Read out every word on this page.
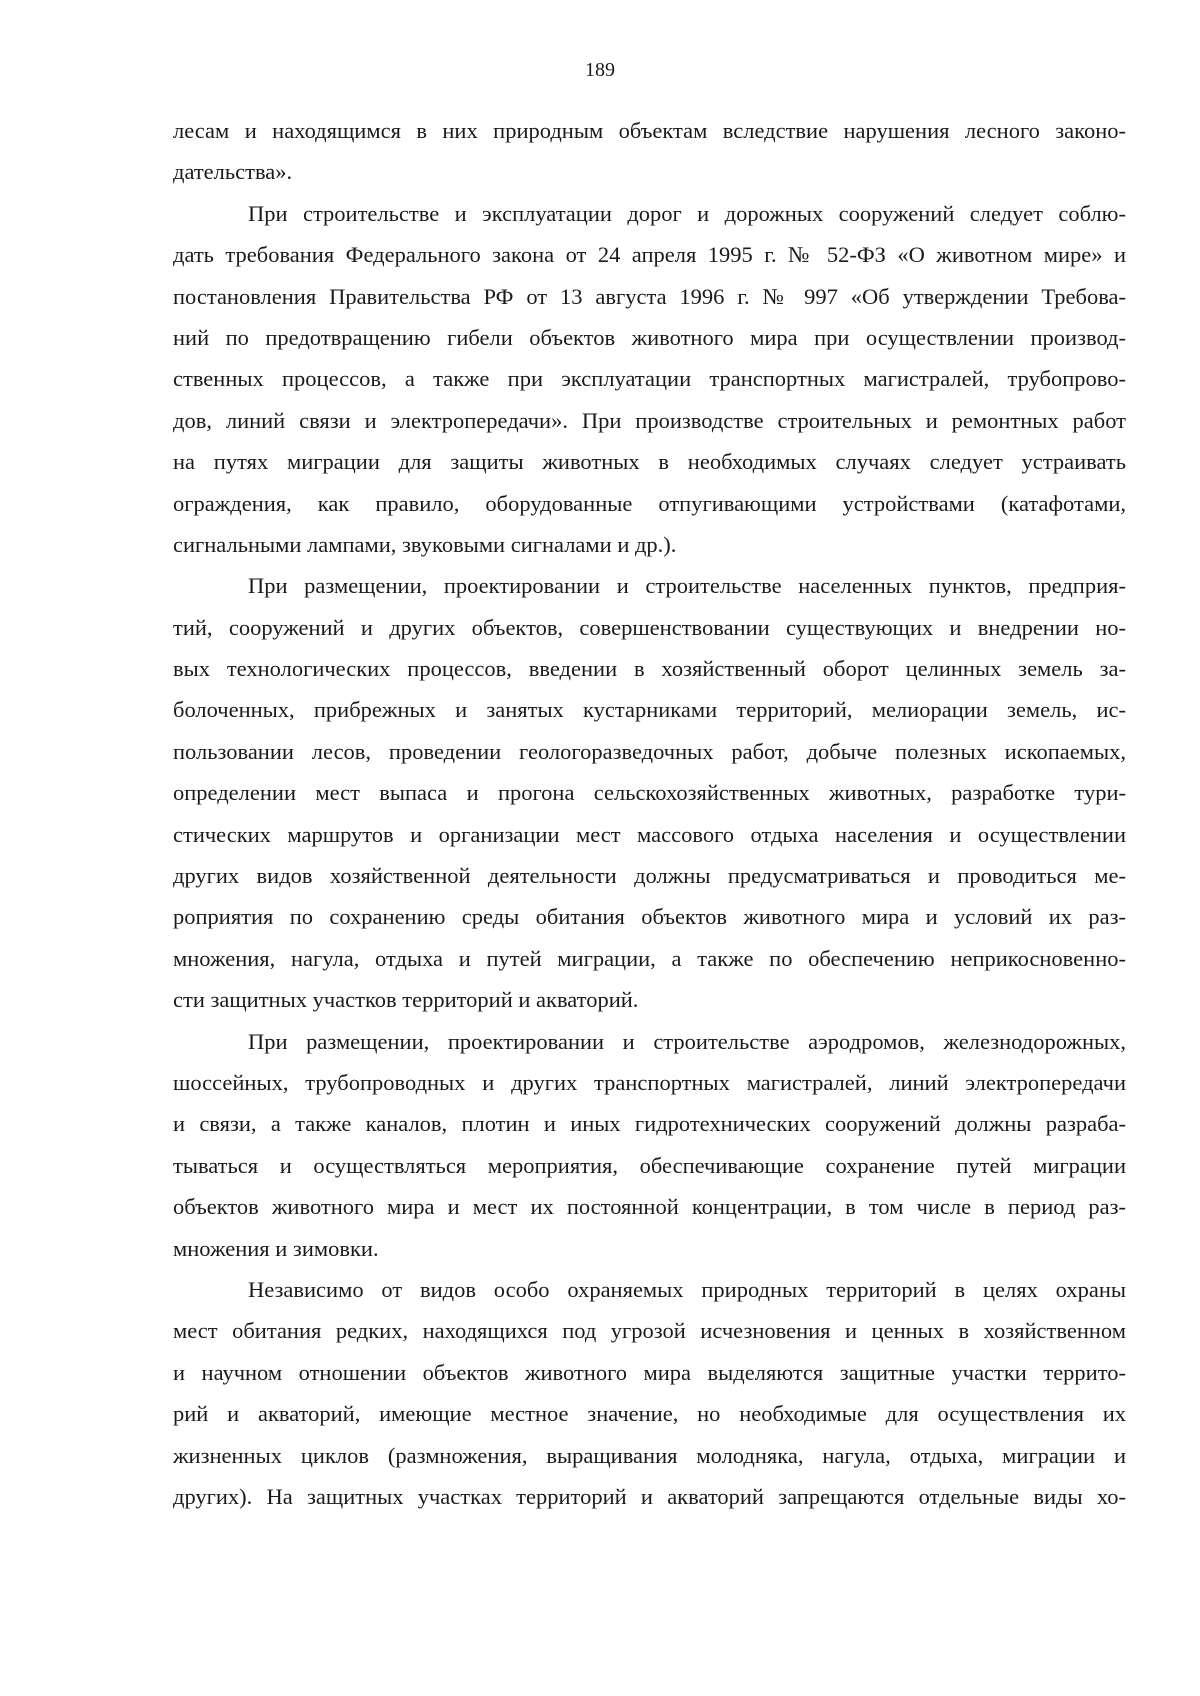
189
лесам и находящимся в них природным объектам вследствие нарушения лесного законо-
дательства».
При строительстве и эксплуатации дорог и дорожных сооружений следует соблю-
дать требования Федерального закона от 24 апреля 1995 г. № 52-ФЗ «О животном мире» и
постановления Правительства РФ от 13 августа 1996 г. № 997 «Об утверждении Требова-
ний по предотвращению гибели объектов животного мира при осуществлении производ-
ственных процессов, а также при эксплуатации транспортных магистралей, трубопрово-
дов, линий связи и электропередачи». При производстве строительных и ремонтных работ
на путях миграции для защиты животных в необходимых случаях следует устраивать
ограждения, как правило, оборудованные отпугивающими устройствами (катафотами,
сигнальными лампами, звуковыми сигналами и др.).
При размещении, проектировании и строительстве населенных пунктов, предприя-
тий, сооружений и других объектов, совершенствовании существующих и внедрении но-
вых технологических процессов, введении в хозяйственный оборот целинных земель за-
болоченных, прибрежных и занятых кустарниками территорий, мелиорации земель, ис-
пользовании лесов, проведении геологоразведочных работ, добыче полезных ископаемых,
определении мест выпаса и прогона сельскохозяйственных животных, разработке тури-
стических маршрутов и организации мест массового отдыха населения и осуществлении
других видов хозяйственной деятельности должны предусматриваться и проводиться ме-
роприятия по сохранению среды обитания объектов животного мира и условий их раз-
множения, нагула, отдыха и путей миграции, а также по обеспечению неприкосновенно-
сти защитных участков территорий и акваторий.
При размещении, проектировании и строительстве аэродромов, железнодорожных,
шоссейных, трубопроводных и других транспортных магистралей, линий электропередачи
и связи, а также каналов, плотин и иных гидротехнических сооружений должны разраба-
тываться и осуществляться мероприятия, обеспечивающие сохранение путей миграции
объектов животного мира и мест их постоянной концентрации, в том числе в период раз-
множения и зимовки.
Независимо от видов особо охраняемых природных территорий в целях охраны
мест обитания редких, находящихся под угрозой исчезновения и ценных в хозяйственном
и научном отношении объектов животного мира выделяются защитные участки террито-
рий и акваторий, имеющие местное значение, но необходимые для осуществления их
жизненных циклов (размножения, выращивания молодняка, нагула, отдыха, миграции и
других). На защитных участках территорий и акваторий запрещаются отдельные виды хо-
